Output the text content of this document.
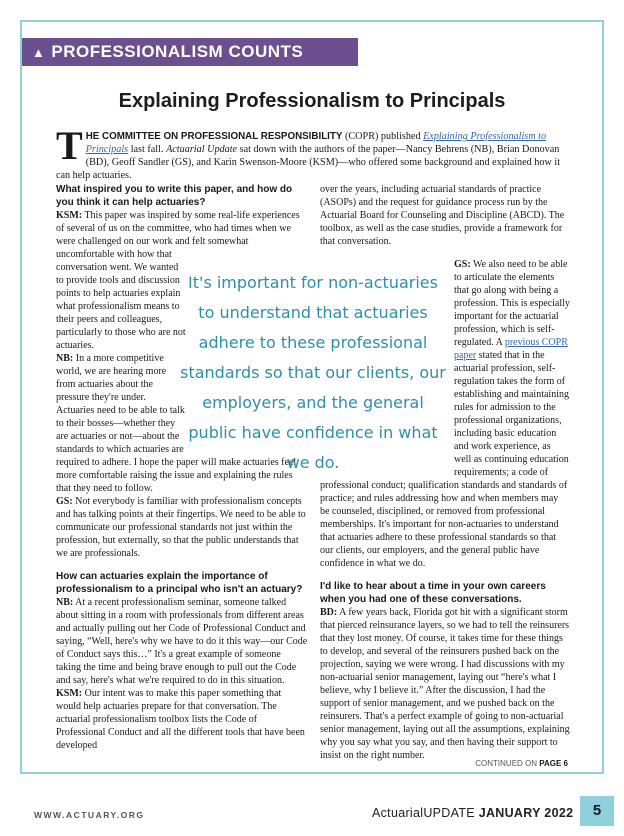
▲ PROFESSIONALISM COUNTS
Explaining Professionalism to Principals
T HE COMMITTEE ON PROFESSIONAL RESPONSIBILITY (COPR) published Explaining Professionalism to Principals last fall. Actuarial Update sat down with the authors of the paper—Nancy Behrens (NB), Brian Donovan (BD), Geoff Sandler (GS), and Karin Swenson-Moore (KSM)—who offered some background and explained how it can help actuaries.

What inspired you to write this paper, and how do you think it can help actuaries?

KSM: This paper was inspired by some real-life experiences of several of us on the committee, who had times when we were challenged on our work and felt somewhat

uncomfortable with how that conversation went. We wanted to provide tools and discussion points to help actuaries explain what professionalism means to their peers and colleagues, particularly to those who are not actuaries.

NB: In a more competitive world, we are hearing more from actuaries about the pressure they're under. Actuaries need to be able to talk to their bosses—whether they are actuaries or not—about the standards to which actuaries are

required to adhere. I hope the paper will make actuaries feel more comfortable raising the issue and explaining the rules that they need to follow.

GS: Not everybody is familiar with professionalism concepts and has talking points at their fingertips. We need to be able to communicate our professional standards not just within the profession, but externally, so that the public understands that we are professionals.

How can actuaries explain the importance of professionalism to a principal who isn't an actuary?

NB: At a recent professionalism seminar, someone talked about sitting in a room with professionals from different areas and actually pulling out her Code of Professional Conduct and saying, “Well, here's why we have to do it this way—our Code of Conduct says this…” It's a great example of someone taking the time and being brave enough to pull out the Code and say, here's what we're required to do in this situation.

KSM: Our intent was to make this paper something that would help actuaries prepare for that conversation. The actuarial professionalism toolbox lists the Code of Professional Conduct and all the different tools that have been developed

over the years, including actuarial standards of practice (ASOPs) and the request for guidance process run by the Actuarial Board for Counseling and Discipline (ABCD). The toolbox, as well as the case studies, provide a framework for that conversation.

GS: We also need to be able to articulate the elements that go along with being a profession. This is especially important for the actuarial profession, which is self-regulated. A previous COPR paper stated that in the actuarial profession, self-regulation takes the form of establishing and maintaining rules for admission to the professional organizations, including basic education and work experience, as well as continuing education requirements; a code of

professional conduct; qualification standards and standards of practice; and rules addressing how and when members may be counseled, disciplined, or removed from professional memberships. It's important for non-actuaries to understand that actuaries adhere to these professional standards so that our clients, our employers, and the general public have confidence in what we do.

I'd like to hear about a time in your own careers when you had one of these conversations.

BD: A few years back, Florida got hit with a significant storm that pierced reinsurance layers, so we had to tell the reinsurers that they lost money. Of course, it takes time for these things to develop, and several of the reinsurers pushed back on the projection, saying we were wrong. I had discussions with my non-actuarial senior management, laying out “here's what I believe, why I believe it.” After the discussion, I had the support of senior management, and we pushed back on the reinsurers. That's a perfect example of going to non-actuarial senior management, laying out all the assumptions, explaining why you say what you say, and then having their support to insist on the right number.

It's important for non-actuaries to understand that actuaries adhere to these professional standards so that our clients, our employers, and the general public have confidence in what we do.
CONTINUED ON PAGE 6
WWW.ACTUARY.ORG	ActuarialUPDATE JANUARY 2022	5
